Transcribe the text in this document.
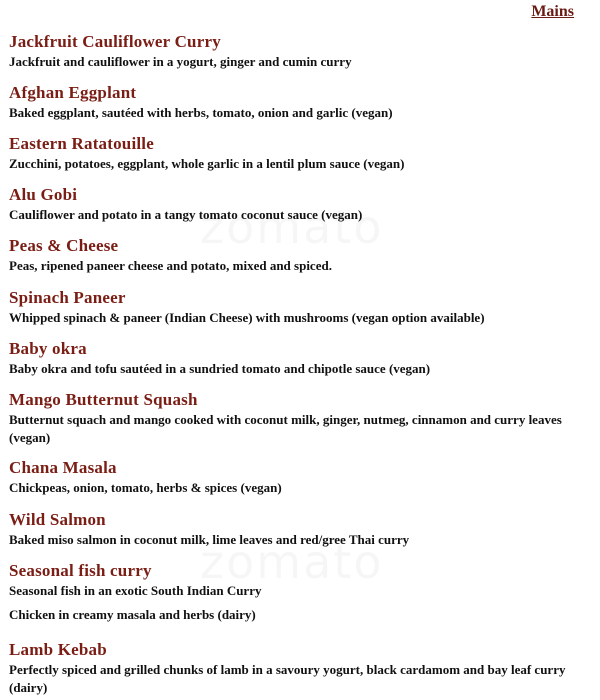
Mains
Jackfruit Cauliflower Curry
Jackfruit and cauliflower in a yogurt, ginger and cumin curry
Afghan Eggplant
Baked eggplant, sautéed with herbs, tomato, onion and garlic (vegan)
Eastern Ratatouille
Zucchini, potatoes, eggplant, whole garlic in a lentil plum sauce (vegan)
Alu Gobi
Cauliflower and potato in a tangy tomato coconut sauce (vegan)
Peas & Cheese
Peas, ripened paneer cheese and potato, mixed and spiced.
Spinach Paneer
Whipped spinach & paneer (Indian Cheese) with mushrooms (vegan option available)
Baby okra
Baby okra and tofu sautéed in a sundried tomato and chipotle sauce (vegan)
Mango Butternut Squash
Butternut squach and mango cooked with coconut milk, ginger, nutmeg, cinnamon and curry leaves (vegan)
Chana Masala
Chickpeas, onion, tomato, herbs & spices (vegan)
Wild Salmon
Baked miso salmon in coconut milk, lime leaves and red/gree Thai curry
Seasonal fish curry
Seasonal fish in an exotic South Indian Curry
Chicken in creamy masala and herbs (dairy)
Lamb Kebab
Perfectly spiced and grilled chunks of lamb in a savoury yogurt, black cardamom and bay leaf curry (dairy)
